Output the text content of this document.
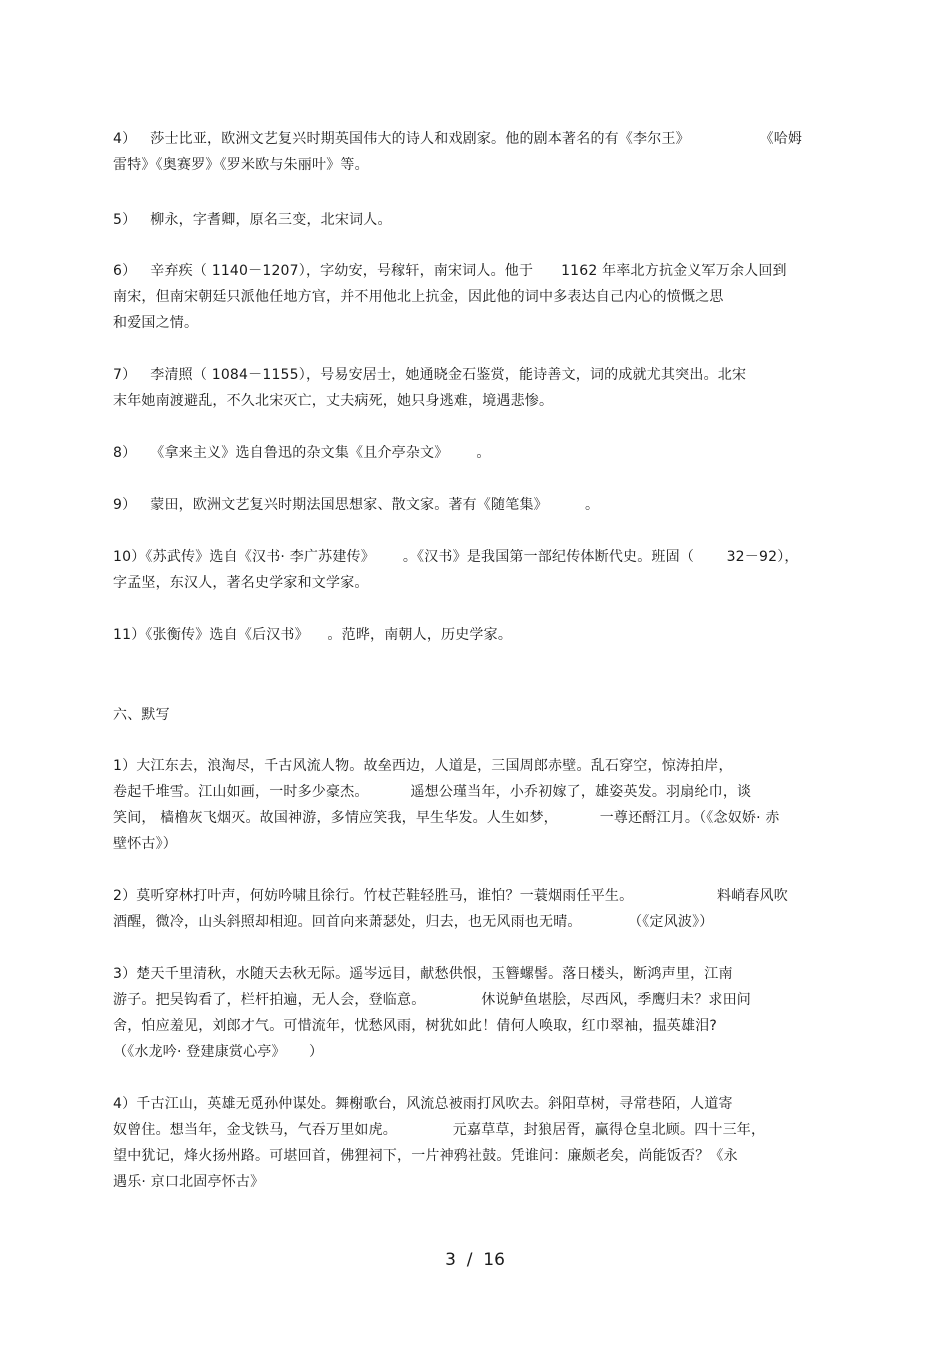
4）   莎士比亚，欧洲文艺复兴时期英国伟大的诗人和戏剧家。他的剧本著名的有《李尔王》               《哈姆
雷特》《奥赛罗》《罗米欧与朱丽叶》等。
5）   柳永，字耆卿，原名三变，北宋词人。
6）   辛弃疾（ 1140－1207），字幼安，号稼轩，南宋词人。他于      1162 年率北方抗金义军万余人回到
南宋，但南宋朝廷只派他任地方官，并不用他北上抗金，因此他的词中多表达自己内心的愤慨之思
和爱国之情。
7）   李清照（ 1084－1155），号易安居士，她通晓金石鉴赏，能诗善文，词的成就尤其突出。北宋
末年她南渡避乱，不久北宋灭亡，丈夫病死，她只身逃难，境遇悲惨。
8）   《拿来主义》选自鲁迅的杂文集《且介亭杂文》      。
9）   蒙田，欧洲文艺复兴时期法国思想家、散文家。著有《随笔集》        。
10）《苏武传》选自《汉书· 李广苏建传》      。《汉书》是我国第一部纪传体断代史。班固（       32－92），
字孟坚，东汉人，著名史学家和文学家。
11）《张衡传》选自《后汉书》    。范晔，南朝人，历史学家。
六、默写
1）大江东去，浪淘尽，千古风流人物。故垒西边，人道是，三国周郎赤壁。乱石穿空，惊涛拍岸，
卷起千堆雪。江山如画，一时多少豪杰。         遥想公瑾当年，小乔初嫁了，雄姿英发。羽扇纶巾，谈
笑间， 樯橹灰飞烟灭。故国神游，多情应笑我，早生华发。人生如梦，         一尊还酹江月。（《念奴娇· 赤
壁怀古》）
2）莫听穿林打叶声，何妨吟啸且徐行。竹杖芒鞋轻胜马，谁怕？一蓑烟雨任平生。                  料峭春风吹
酒醒，微冷，山头斜照却相迎。回首向来萧瑟处，归去，也无风雨也无晴。          （《定风波》）
3）楚天千里清秋，水随天去秋无际。遥岑远目，献愁供恨，玉簪螺髻。落日楼头，断鸿声里，江南
游子。把吴钩看了，栏杆拍遍，无人会，登临意。            休说鲈鱼堪脍，尽西风，季鹰归未？求田问
舍，怕应羞见，刘郎才气。可惜流年，忧愁风雨，树犹如此！倩何人唤取，红巾翠袖，揾英雄泪?
（《水龙吟· 登建康赏心亭》     ）
4）千古江山，英雄无觅孙仲谋处。舞榭歌台，风流总被雨打风吹去。斜阳草树，寻常巷陌，人道寄
奴曾住。想当年，金戈铁马，气吞万里如虎。            元嘉草草，封狼居胥，赢得仓皇北顾。四十三年，
望中犹记，烽火扬州路。可堪回首，佛狸祠下，一片神鸦社鼓。凭谁问：廉颇老矣，尚能饭否？《永
遇乐· 京口北固亭怀古》
3  /  16
